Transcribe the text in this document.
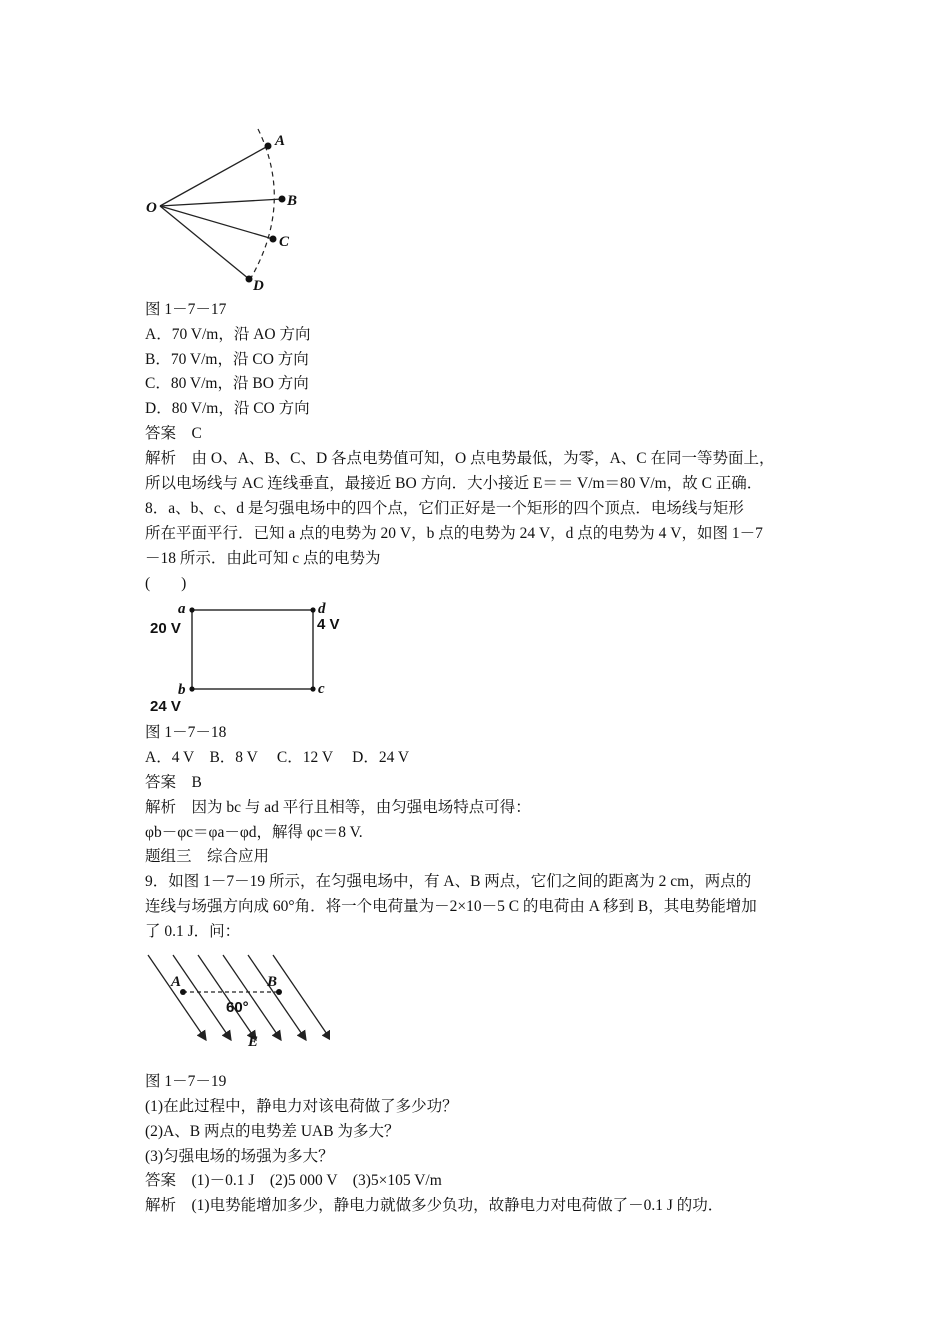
O
A
B
C
D
图 1－7－17
A．70 V/m，沿 AO 方向
B．70 V/m，沿 CO 方向
C．80 V/m，沿 BO 方向
D．80 V/m，沿 CO 方向
答案　C
解析　由 O、A、B、C、D 各点电势值可知，O 点电势最低，为零，A、C 在同一等势面上，
所以电场线与 AC 连线垂直，最接近 BO 方向．大小接近 E＝＝ V/m＝80 V/m，故 C 正确．
8．a、b、c、d 是匀强电场中的四个点，它们正好是一个矩形的四个顶点．电场线与矩形
所在平面平行．已知 a 点的电势为 20 V，b 点的电势为 24 V，d 点的电势为 4 V，如图 1－7
－18 所示．由此可知 c 点的电势为
(　　)
a	d
b	c
20 V	4 V
24 V
图 1－7－18
A．4 V　B．8 V　 C．12 V　 D．24 V
答案　B
解析　因为 bc 与 ad 平行且相等，由匀强电场特点可得：
φb－φc＝φa－φd，解得 φc＝8 V.
题组三　综合应用
9．如图 1－7－19 所示，在匀强电场中，有 A、B 两点，它们之间的距离为 2 cm，两点的
连线与场强方向成 60°角．将一个电荷量为－2×10－5 C 的电荷由 A 移到 B，其电势能增加
了 0.1 J．问：
A	B
60°
E
图 1－7－19
(1)在此过程中，静电力对该电荷做了多少功？
(2)A、B 两点的电势差 UAB 为多大？
(3)匀强电场的场强为多大？
答案　(1)－0.1 J　(2)5 000 V　(3)5×105 V/m
解析　(1)电势能增加多少，静电力就做多少负功，故静电力对电荷做了－0.1 J 的功．
